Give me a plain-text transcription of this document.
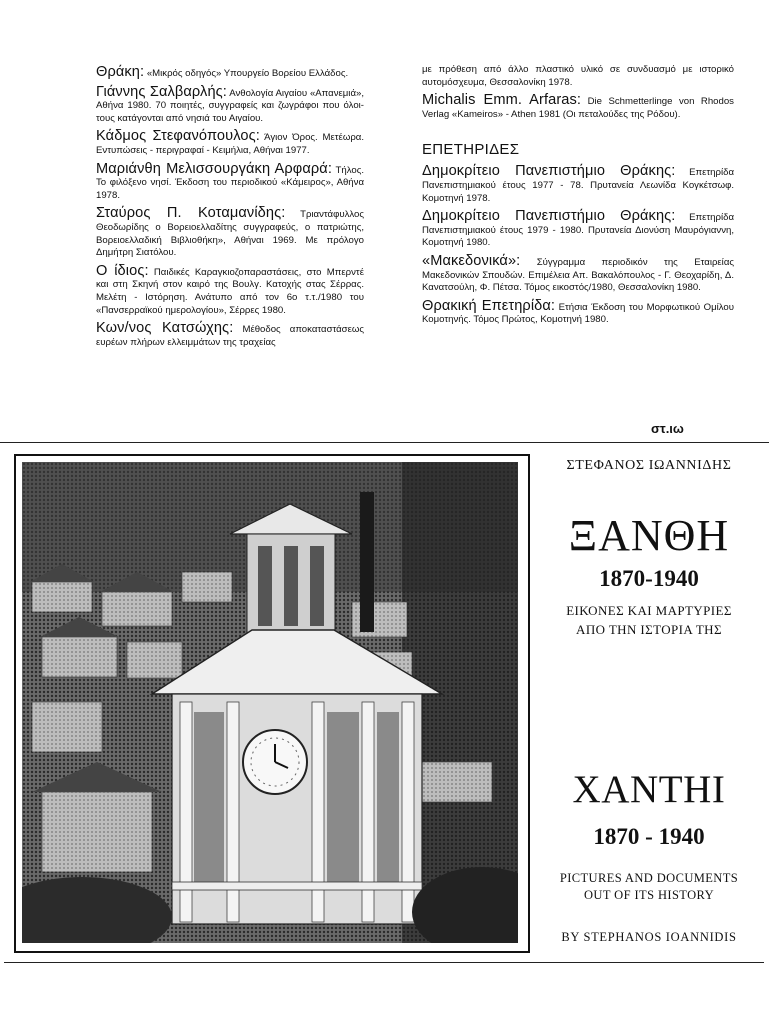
Θράκη: «Μικρός οδηγός» Υπουργείο Βορείου Ελλάδος.

Γιάννης Σαλβαρλής: Ανθολογία Αιγαίου «Απανεμιά», Αθήνα 1980. 70 ποιητές, συγγραφείς και ζωγράφοι που όλοι-τους κατάγονται από νησιά του Αιγαίου.

Κάδμος Στεφανόπουλος: Άγιον Όρος. Μετέωρα. Εντυπώσεις - περιγραφαί - Κειμήλια, Αθήναι 1977.

Μαριάνθη Μελισσουργάκη Αρφαρά: Τήλος. Το φιλόξενο νησί. Έκδοση του περιοδικού «Κάμειρος», Αθήνα 1978.

Σταύρος Π. Κοταμανίδης: Τριαντάφυλλος Θεοδωρίδης ο Βορειοελλαδίτης συγγραφεύς, ο πατριώτης, Βορειοελλαδική Βιβλιοθήκη», Αθήναι 1969. Με πρόλογο Δημήτρη Σιατόλου.

Ο ίδιος: Παιδικές Καραγκιοζοπαραστάσεις, στο Μπερντέ και στη Σκηνή στον καιρό της Βουλγ. Κατοχής στας Σέρρας. Μελέτη - Ιστόρηση. Ανάτυπο από τον 6ο τ.τ./1980 του «Πανσερραϊκού ημερολογίου», Σέρρες 1980.

Κων/νος Κατσώχης: Μέθοδος αποκαταστάσεως ευρέων πλήρων ελλειμμάτων της τραχείας

με πρόθεση από άλλο πλαστικό υλικό σε συνδυασμό με ιστορικό αυτομόσχευμα, Θεσσαλονίκη 1978.

Michalis Emm. Arfaras: Die Schmetterlinge von Rhodos Verlag «Kameiros» - Athen 1981 (Οι πεταλούδες της Ρόδου).

ΕΠΕΤΗΡΙΔΕΣ

Δημοκρίτειο Πανεπιστήμιο Θράκης: Επετηρίδα Πανεπιστημιακού έτους 1977 - 78. Πρυτανεία Λεωνίδα Κογκέτσωφ. Κομοτηνή 1978.

Δημοκρίτειο Πανεπιστήμιο Θράκης: Επετηρίδα Πανεπιστημιακού έτους 1979 - 1980. Πρυτανεία Διονύση Μαυρόγιαννη, Κομοτηνή 1980.

«Μακεδονικά»: Σύγγραμμα περιοδικόν της Εταιρείας Μακεδονικών Σπουδών. Επιμέλεια Απ. Βακαλόπουλος - Γ. Θεοχαρίδη, Δ. Κανατσούλη, Φ. Πέτσα. Τόμος εικοστός/1980, Θεσσαλονίκη 1980.

Θρακική Επετηρίδα: Ετήσια Έκδοση του Μορφωτικού Ομίλου Κομοτηνής. Τόμος Πρώτος, Κομοτηνή 1980.

στ.ιω
ΣΤΕΦΑΝΟΣ ΙΩΑΝΝΙΔΗΣ
ΞΑΝΘΗ
1870-1940
ΕΙΚΟΝΕΣ ΚΑΙ ΜΑΡΤΥΡΙΕΣ
ΑΠΟ ΤΗΝ ΙΣΤΟΡΙΑ ΤΗΣ
XANTHI
1870 - 1940
PICTURES AND DOCUMENTS
OUT OF ITS HISTORY
BY STEPHANOS IOANNIDIS
